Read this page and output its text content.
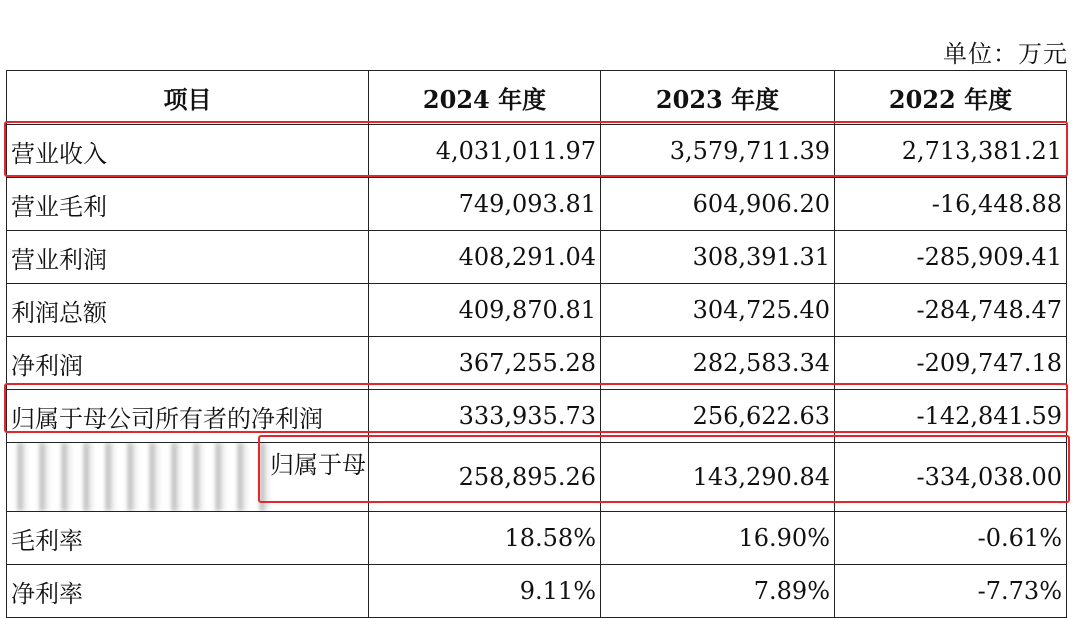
单位：万元
项目	2024 年度	2023 年度	2022 年度
营业收入	4,031,011.97	3,579,711.39	2,713,381.21
营业毛利	749,093.81	604,906.20	-16,448.88
营业利润	408,291.04	308,391.31	-285,909.41
利润总额	409,870.81	304,725.40	-284,748.47
净利润	367,255.28	282,583.34	-209,747.18
归属于母公司所有者的净利润	333,935.73	256,622.63	-142,841.59

归属于母	258,895.26	143,290.84	-334,038.00
毛利率	18.58%	16.90%	-0.61%
净利率	9.11%	7.89%	-7.73%
